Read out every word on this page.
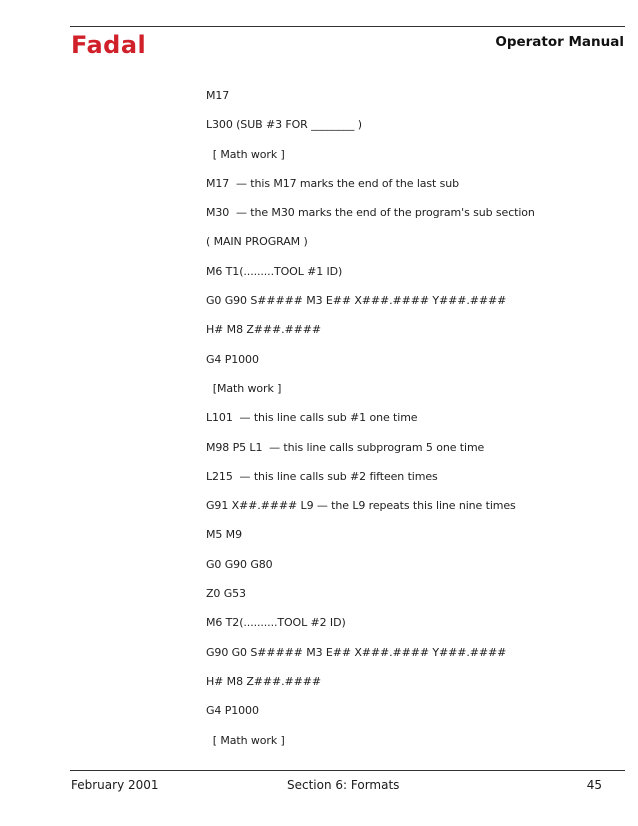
Fadal	Operator Manual
M17
L300 (SUB #3 FOR ________ )
[ Math work ]
M17  — this M17 marks the end of the last sub
M30  — the M30 marks the end of the program's sub section
( MAIN PROGRAM )
M6 T1(.........TOOL #1 ID)
G0 G90 S##### M3 E## X###.#### Y###.####
H# M8 Z###.####
G4 P1000
[Math work ]
L101  — this line calls sub #1 one time
M98 P5 L1  — this line calls subprogram 5 one time
L215  — this line calls sub #2 fifteen times
G91 X##.#### L9 — the L9 repeats this line nine times
M5 M9
G0 G90 G80
Z0 G53
M6 T2(..........TOOL #2 ID)
G90 G0 S##### M3 E## X###.#### Y###.####
H# M8 Z###.####
G4 P1000
[ Math work ]
February 2001	Section 6: Formats	45
